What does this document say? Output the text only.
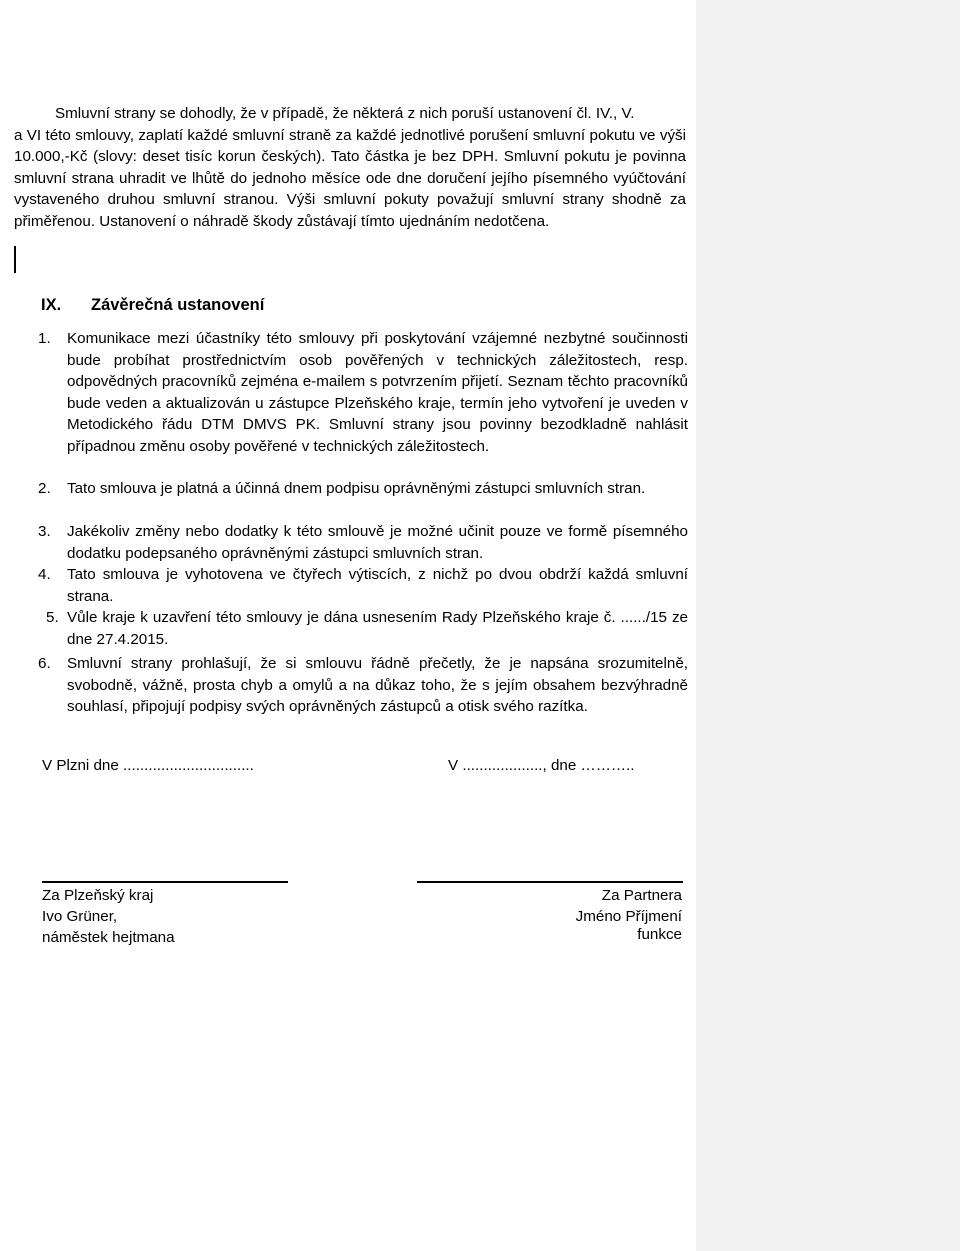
Smluvní strany se dohodly, že v případě, že některá z nich poruší ustanovení čl. IV., V.
a VI této smlouvy, zaplatí každé smluvní straně za každé jednotlivé porušení smluvní pokutu ve výši 10.000,-Kč (slovy: deset tisíc korun českých). Tato částka je bez DPH. Smluvní pokutu je povinna smluvní strana uhradit ve lhůtě do jednoho měsíce ode dne doručení jejího písemného vyúčtování vystaveného druhou smluvní stranou. Výši smluvní pokuty považují smluvní strany shodně za přiměřenou. Ustanovení o náhradě škody zůstávají tímto ujednáním nedotčena.
IX. Závěrečná ustanovení
1. Komunikace mezi účastníky této smlouvy při poskytování vzájemné nezbytné součinnosti bude probíhat prostřednictvím osob pověřených v technických záležitostech, resp. odpovědných pracovníků zejména e-mailem s potvrzením přijetí. Seznam těchto pracovníků bude veden a aktualizován u zástupce Plzeňského kraje, termín jeho vytvoření je uveden v Metodického řádu DTM DMVS PK. Smluvní strany jsou povinny bezodkladně nahlásit případnou změnu osoby pověřené v technických záležitostech.
2. Tato smlouva je platná a účinná dnem podpisu oprávněnými zástupci smluvních stran.
3. Jakékoliv změny nebo dodatky k této smlouvě je možné učinit pouze ve formě písemného dodatku podepsaného oprávněnými zástupci smluvních stran.
4. Tato smlouva je vyhotovena ve čtyřech výtiscích, z nichž po dvou obdrží každá smluvní strana.
5. Vůle kraje k uzavření této smlouvy je dána usnesením Rady Plzeňského kraje č. ....../15 ze dne 27.4.2015.
6. Smluvní strany prohlašují, že si smlouvu řádně přečetly, že je napsána srozumitelně, svobodně, vážně, prosta chyb a omylů a na důkaz toho, že s jejím obsahem bezvýhradně souhlasí, připojují podpisy svých oprávněných zástupců a otisk svého razítka.
V Plzni dne ...............................	V ..................., dne ………..
Za Plzeňský kraj
Ivo Grüner,
náměstek hejtmana
Za Partnera
Jméno Příjmení
funkce
